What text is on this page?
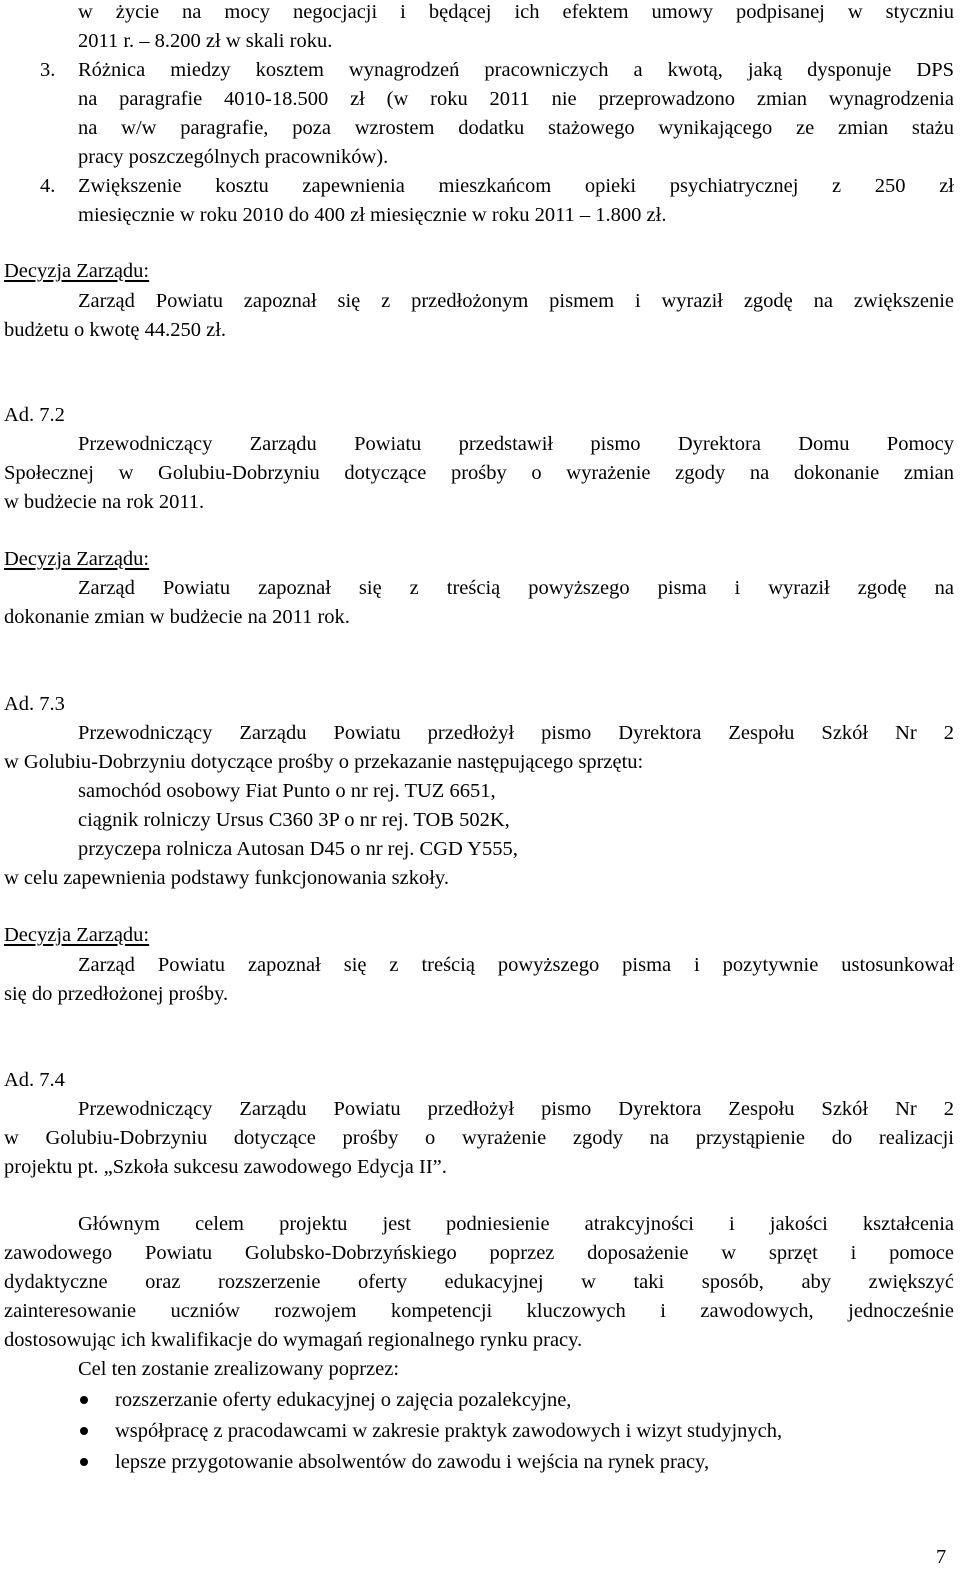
w życie na mocy negocjacji i będącej ich efektem umowy podpisanej w styczniu
2011 r. – 8.200 zł w skali roku.
3. Różnica miedzy kosztem wynagrodzeń pracowniczych a kwotą, jaką dysponuje DPS
na paragrafie 4010-18.500 zł (w roku 2011 nie przeprowadzono zmian wynagrodzenia
na w/w paragrafie, poza wzrostem dodatku stażowego wynikającego ze zmian stażu
pracy poszczególnych pracowników).
4. Zwiększenie kosztu zapewnienia mieszkańcom opieki psychiatrycznej z 250 zł
miesięcznie w roku 2010 do 400 zł miesięcznie w roku 2011 – 1.800 zł.
Decyzja Zarządu:
Zarząd Powiatu zapoznał się z przedłożonym pismem i wyraził zgodę na zwiększenie
budżetu o kwotę 44.250 zł.
Ad. 7.2
Przewodniczący Zarządu Powiatu przedstawił pismo Dyrektora Domu Pomocy
Społecznej w Golubiu-Dobrzyniu dotyczące prośby o wyrażenie zgody na dokonanie zmian
w budżecie na rok 2011.
Decyzja Zarządu:
Zarząd Powiatu zapoznał się z treścią powyższego pisma i wyraził zgodę na
dokonanie zmian w budżecie na 2011 rok.
Ad. 7.3
Przewodniczący Zarządu Powiatu przedłożył pismo Dyrektora Zespołu Szkół Nr 2
w Golubiu-Dobrzyniu dotyczące prośby o przekazanie następującego sprzętu:
samochód osobowy Fiat Punto o nr rej. TUZ 6651,
ciągnik rolniczy Ursus C360 3P o nr rej. TOB 502K,
przyczepa rolnicza Autosan D45 o nr rej. CGD Y555,
w celu zapewnienia podstawy funkcjonowania szkoły.
Decyzja Zarządu:
Zarząd Powiatu zapoznał się z treścią powyższego pisma i pozytywnie ustosunkował
się do przedłożonej prośby.
Ad. 7.4
Przewodniczący Zarządu Powiatu przedłożył pismo Dyrektora Zespołu Szkół Nr 2
w Golubiu-Dobrzyniu dotyczące prośby o wyrażenie zgody na przystąpienie do realizacji
projektu pt. „Szkoła sukcesu zawodowego Edycja II”.
Głównym celem projektu jest podniesienie atrakcyjności i jakości kształcenia
zawodowego Powiatu Golubsko-Dobrzyńskiego poprzez doposażenie w sprzęt i pomoce
dydaktyczne oraz rozszerzenie oferty edukacyjnej w taki sposób, aby zwiększyć
zainteresowanie uczniów rozwojem kompetencji kluczowych i zawodowych, jednocześnie
dostosowując ich kwalifikacje do wymagań regionalnego rynku pracy.
Cel ten zostanie zrealizowany poprzez:
rozszerzanie oferty edukacyjnej o zajęcia pozalekcyjne,
współpracę z pracodawcami w zakresie praktyk zawodowych i wizyt studyjnych,
lepsze przygotowanie absolwentów do zawodu i wejścia na rynek pracy,
7
